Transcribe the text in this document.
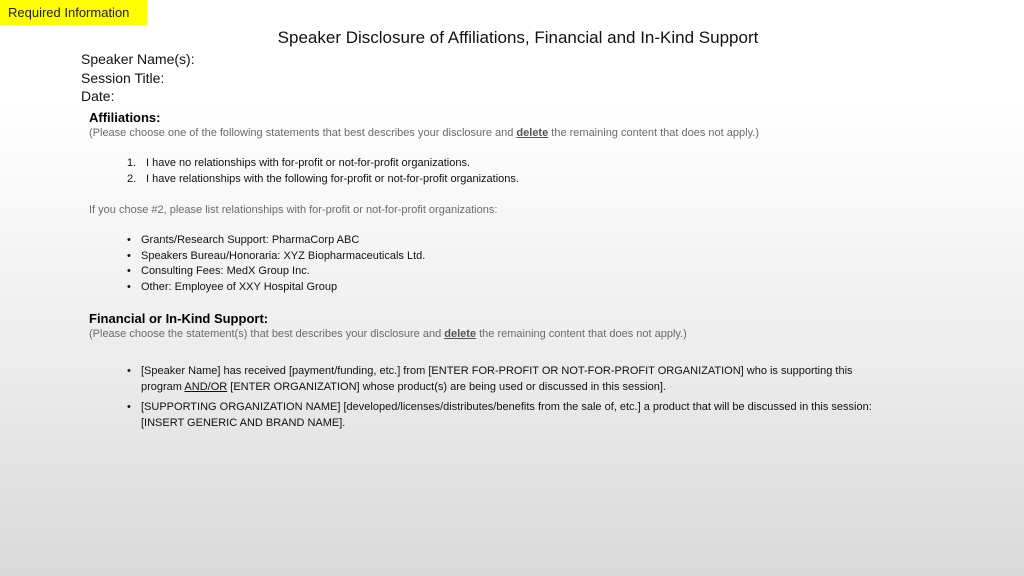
Required Information
Speaker Disclosure of Affiliations, Financial and In-Kind Support
Speaker Name(s):
Session Title:
Date:
Affiliations:
(Please choose one of the following statements that best describes your disclosure and delete the remaining content that does not apply.)
1. I have no relationships with for-profit or not-for-profit organizations.
2. I have relationships with the following for-profit or not-for-profit organizations.
If you chose #2, please list relationships with for-profit or not-for-profit organizations:
• Grants/Research Support: PharmaCorp ABC
• Speakers Bureau/Honoraria: XYZ Biopharmaceuticals Ltd.
• Consulting Fees: MedX Group Inc.
• Other: Employee of XXY Hospital Group
Financial or In-Kind Support:
(Please choose the statement(s) that best describes your disclosure and delete the remaining content that does not apply.)
• [Speaker Name] has received [payment/funding, etc.] from [ENTER FOR-PROFIT OR NOT-FOR-PROFIT ORGANIZATION] who is supporting this program AND/OR [ENTER ORGANIZATION] whose product(s) are being used or discussed in this session].
• [SUPPORTING ORGANIZATION NAME] [developed/licenses/distributes/benefits from the sale of, etc.] a product that will be discussed in this session: [INSERT GENERIC AND BRAND NAME].
